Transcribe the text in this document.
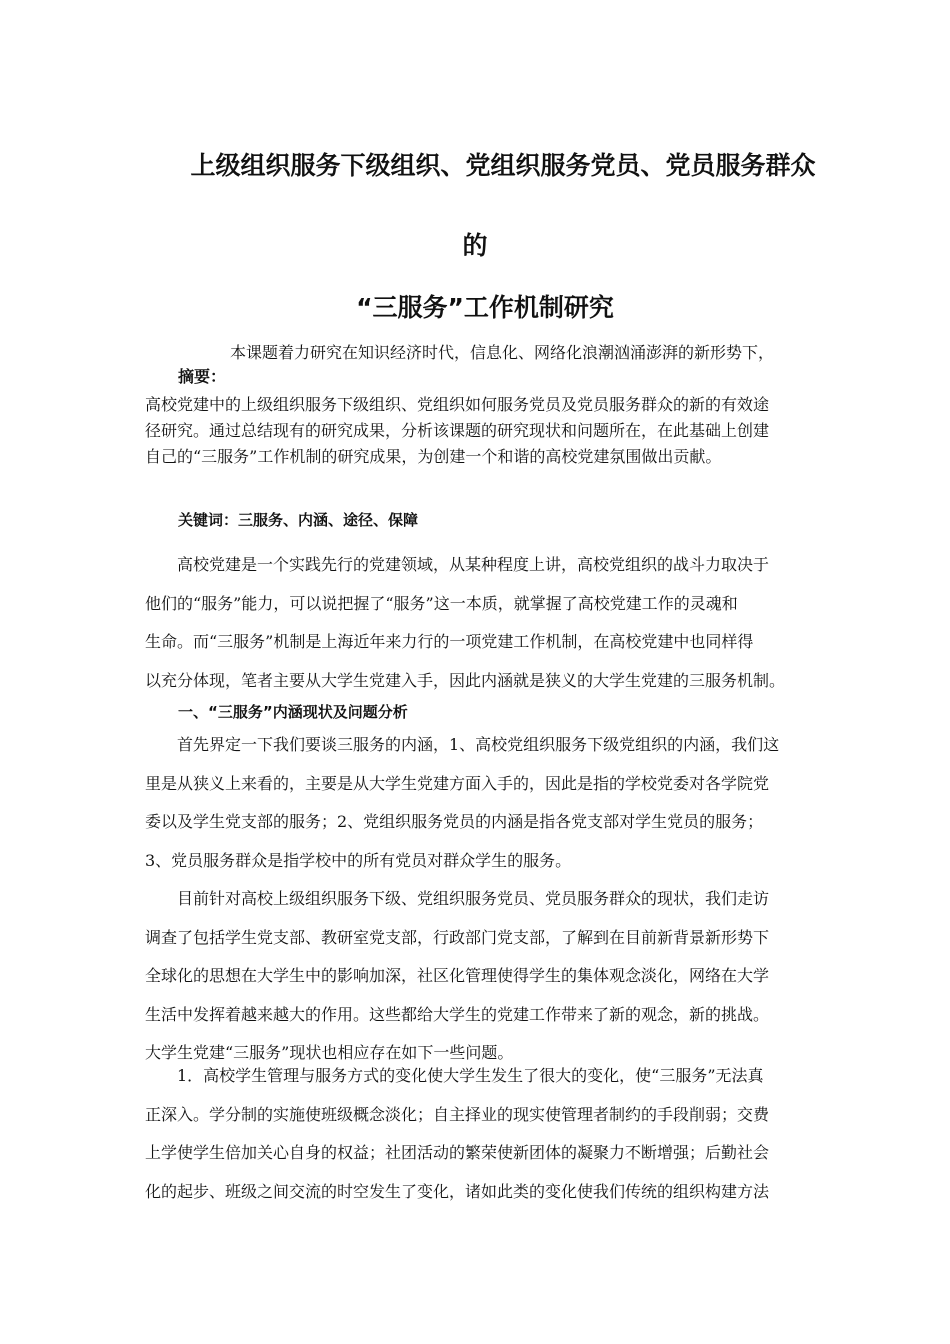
上级组织服务下级组织、党组织服务党员、党员服务群众
的
“三服务”工作机制研究
本课题着力研究在知识经济时代，信息化、网络化浪潮汹涌澎湃的新形势下，
摘要：
高校党建中的上级组织服务下级组织、党组织如何服务党员及党员服务群众的新的有效途
径研究。通过总结现有的研究成果，分析该课题的研究现状和问题所在，在此基础上创建
自己的“三服务”工作机制的研究成果，为创建一个和谐的高校党建氛围做出贡献。
关键词：三服务、内涵、途径、保障
高校党建是一个实践先行的党建领域，从某种程度上讲，高校党组织的战斗力取决于
他们的“服务”能力，可以说把握了“服务”这一本质，就掌握了高校党建工作的灵魂和
生命。而“三服务”机制是上海近年来力行的一项党建工作机制，在高校党建中也同样得
以充分体现，笔者主要从大学生党建入手，因此内涵就是狭义的大学生党建的三服务机制。
一、“三服务”内涵现状及问题分析
首先界定一下我们要谈三服务的内涵，1、高校党组织服务下级党组织的内涵，我们这
里是从狭义上来看的，主要是从大学生党建方面入手的，因此是指的学校党委对各学院党
委以及学生党支部的服务；2、党组织服务党员的内涵是指各党支部对学生党员的服务；
3、党员服务群众是指学校中的所有党员对群众学生的服务。
目前针对高校上级组织服务下级、党组织服务党员、党员服务群众的现状，我们走访
调查了包括学生党支部、教研室党支部，行政部门党支部，了解到在目前新背景新形势下
全球化的思想在大学生中的影响加深，社区化管理使得学生的集体观念淡化，网络在大学
生活中发挥着越来越大的作用。这些都给大学生的党建工作带来了新的观念，新的挑战。
大学生党建“三服务”现状也相应存在如下一些问题。
1．高校学生管理与服务方式的变化使大学生发生了很大的变化，使“三服务”无法真
正深入。学分制的实施使班级概念淡化；自主择业的现实使管理者制约的手段削弱；交费
上学使学生倍加关心自身的权益；社团活动的繁荣使新团体的凝聚力不断增强；后勤社会
化的起步、班级之间交流的时空发生了变化，诸如此类的变化使我们传统的组织构建方法
